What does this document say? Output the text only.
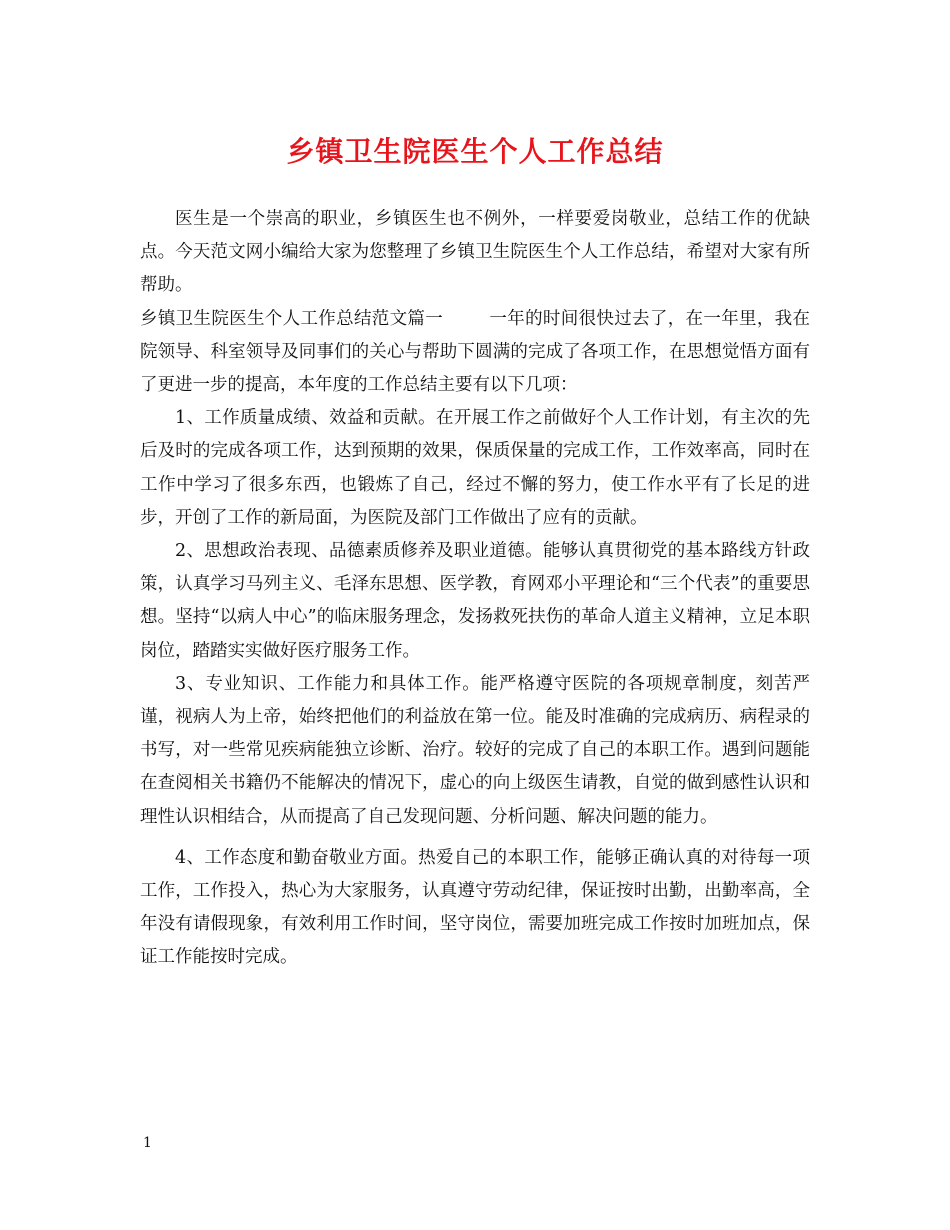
乡镇卫生院医生个人工作总结

医生是一个崇高的职业，乡镇医生也不例外，一样要爱岗敬业，总结工作的优缺点。今天范文网小编给大家为您整理了乡镇卫生院医生个人工作总结，希望对大家有所帮助。

乡镇卫生院医生个人工作总结范文篇一	一年的时间很快过去了，在一年里，我在院领导、科室领导及同事们的关心与帮助下圆满的完成了各项工作，在思想觉悟方面有了更进一步的提高，本年度的工作总结主要有以下几项：

1、工作质量成绩、效益和贡献。在开展工作之前做好个人工作计划，有主次的先后及时的完成各项工作，达到预期的效果，保质保量的完成工作，工作效率高，同时在工作中学习了很多东西，也锻炼了自己，经过不懈的努力，使工作水平有了长足的进步，开创了工作的新局面，为医院及部门工作做出了应有的贡献。

2、思想政治表现、品德素质修养及职业道德。能够认真贯彻党的基本路线方针政策，认真学习马列主义、毛泽东思想、医学教，育网邓小平理论和“三个代表”的重要思想。坚持“以病人中心”的临床服务理念，发扬救死扶伤的革命人道主义精神，立足本职岗位，踏踏实实做好医疗服务工作。

3、专业知识、工作能力和具体工作。能严格遵守医院的各项规章制度，刻苦严谨，视病人为上帝，始终把他们的利益放在第一位。能及时准确的完成病历、病程录的书写，对一些常见疾病能独立诊断、治疗。较好的完成了自己的本职工作。遇到问题能在查阅相关书籍仍不能解决的情况下，虚心的向上级医生请教，自觉的做到感性认识和理性认识相结合，从而提高了自己发现问题、分析问题、解决问题的能力。

4、工作态度和勤奋敬业方面。热爱自己的本职工作，能够正确认真的对待每一项工作，工作投入，热心为大家服务，认真遵守劳动纪律，保证按时出勤，出勤率高，全年没有请假现象，有效利用工作时间，坚守岗位，需要加班完成工作按时加班加点，保证工作能按时完成。

1
